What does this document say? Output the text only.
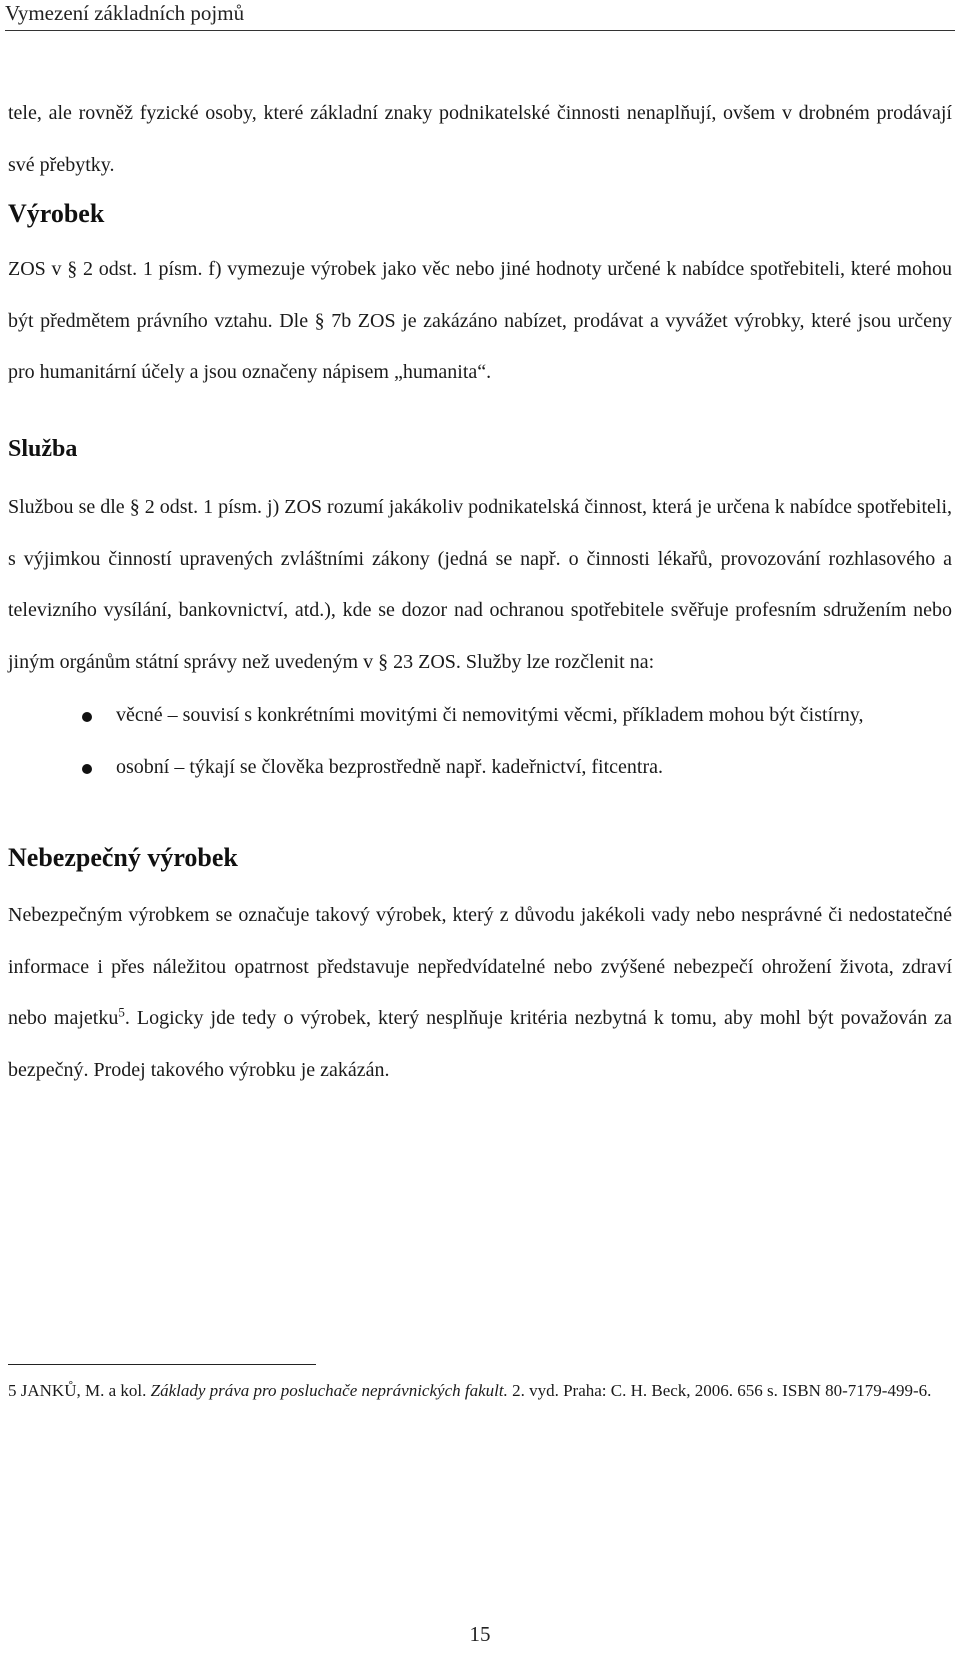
Vymezení základních pojmů
tele, ale rovněž fyzické osoby, které základní znaky podnikatelské činnosti nenaplňují, ovšem v drobném prodávají své přebytky.
Výrobek
ZOS v § 2 odst. 1 písm. f) vymezuje výrobek jako věc nebo jiné hodnoty určené k nabídce spotřebiteli, které mohou být předmětem právního vztahu. Dle § 7b ZOS je zakázáno nabízet, prodávat a vyvážet výrobky, které jsou určeny pro humanitární účely a jsou označeny nápisem „humanita“.
Služba
Službou se dle § 2 odst. 1 písm. j) ZOS rozumí jakákoliv podnikatelská činnost, která je určena k nabídce spotřebiteli, s výjimkou činností upravených zvláštními zákony (jedná se např. o činnosti lékařů, provozování rozhlasového a televizního vysílání, bankovnictví, atd.), kde se dozor nad ochranou spotřebitele svěřuje profesním sdružením nebo jiným orgánům státní správy než uvedeným v § 23 ZOS. Služby lze rozčlenit na:
věcné – souvisí s konkrétními movitými či nemovitými věcmi, příkladem mohou být čistírny,
osobní – týkají se člověka bezprostředně např. kadeřnictví, fitcentra.
Nebezpečný výrobek
Nebezpečným výrobkem se označuje takový výrobek, který z důvodu jakékoli vady nebo nesprávné či nedostatečné informace i přes náležitou opatrnost představuje nepředvídatelné nebo zvýšené nebezpečí ohrožení života, zdraví nebo majetku$^5$. Logicky jde tedy o výrobek, který nesplňuje kritéria nezbytná k tomu, aby mohl být považován za bezpečný. Prodej takového výrobku je zakázán.
5 JANKŮ, M. a kol. Základy práva pro posluchače neprávnických fakult. 2. vyd. Praha: C. H. Beck, 2006. 656 s. ISBN 80-7179-499-6.
15
